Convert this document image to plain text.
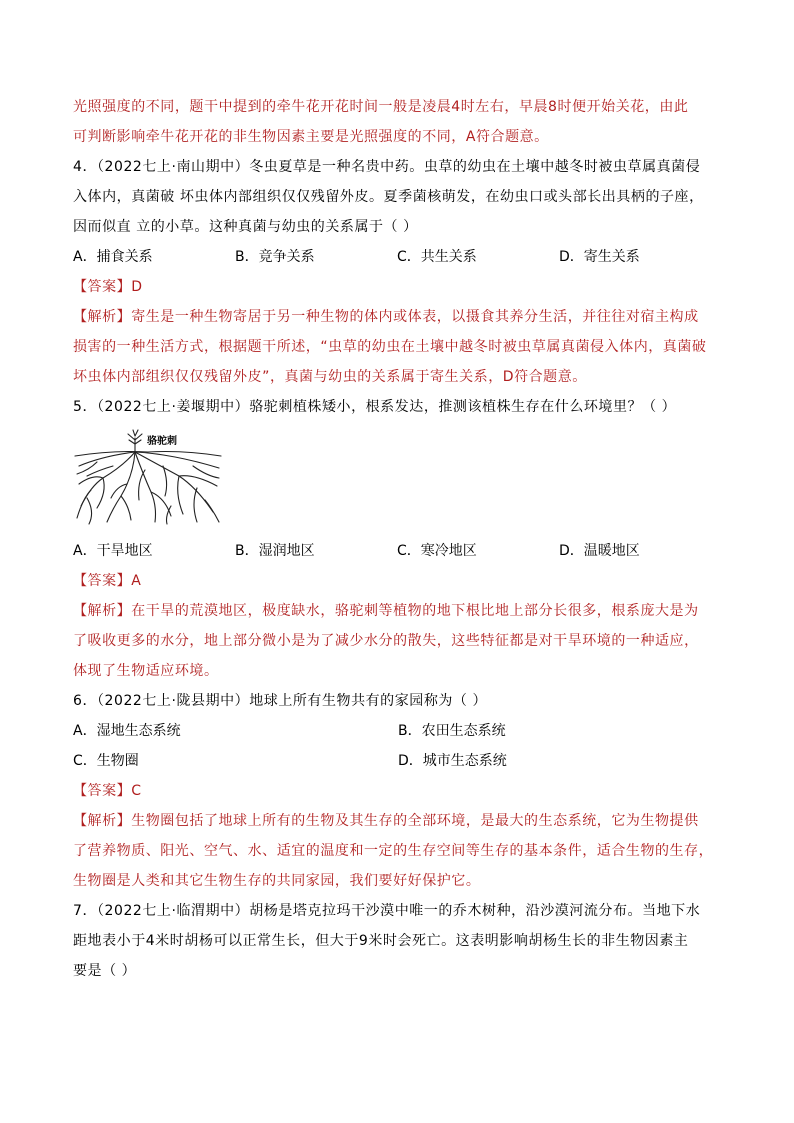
光照强度的不同，题干中提到的牵牛花开花时间一般是凌晨4时左右，早晨8时便开始关花，由此
可判断影响牵牛花开花的非生物因素主要是光照强度的不同，A符合题意。
4．（2022七上·南山期中）冬虫夏草是一种名贵中药。虫草的幼虫在土壤中越冬时被虫草属真菌侵
入体内，真菌破 坏虫体内部组织仅仅残留外皮。夏季菌核萌发，在幼虫口或头部长出具柄的子座，
因而似直 立的小草。这种真菌与幼虫的关系属于（ ）
A．捕食关系	B．竞争关系	C．共生关系	D．寄生关系
【答案】D
【解析】寄生是一种生物寄居于另一种生物的体内或体表，以摄食其养分生活，并往往对宿主构成
损害的一种生活方式，根据题干所述，“虫草的幼虫在土壤中越冬时被虫草属真菌侵入体内，真菌破
坏虫体内部组织仅仅残留外皮”，真菌与幼虫的关系属于寄生关系，D符合题意。
5．（2022七上·姜堰期中）骆驼刺植株矮小，根系发达，推测该植株生存在什么环境里？（ ）
骆驼刺
A．干旱地区	B．湿润地区	C．寒冷地区	D．温暖地区
【答案】A
【解析】在干旱的荒漠地区，极度缺水，骆驼刺等植物的地下根比地上部分长很多，根系庞大是为
了吸收更多的水分，地上部分微小是为了减少水分的散失，这些特征都是对干旱环境的一种适应，
体现了生物适应环境。
6．（2022七上·陇县期中）地球上所有生物共有的家园称为（ ）
A．湿地生态系统	B．农田生态系统
C．生物圈	D．城市生态系统
【答案】C
【解析】生物圈包括了地球上所有的生物及其生存的全部环境，是最大的生态系统，它为生物提供
了营养物质、阳光、空气、水、适宜的温度和一定的生存空间等生存的基本条件，适合生物的生存，
生物圈是人类和其它生物生存的共同家园，我们要好好保护它。
7．（2022七上·临渭期中）胡杨是塔克拉玛干沙漠中唯一的乔木树种，沿沙漠河流分布。当地下水
距地表小于4米时胡杨可以正常生长，但大于9米时会死亡。这表明影响胡杨生长的非生物因素主
要是（ ）
